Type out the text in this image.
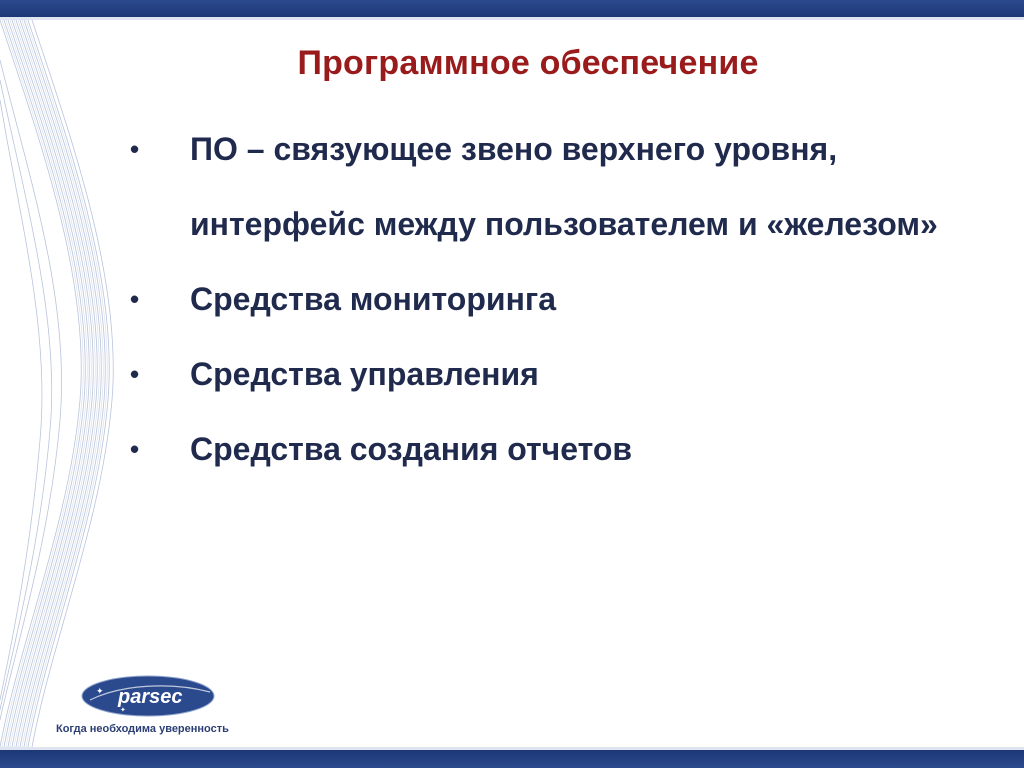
Программное обеспечение
• ПО – связующее звено верхнего уровня, интерфейс между пользователем и «железом»
• Средства мониторинга
• Средства управления
• Средства создания отчетов
parsec
✦
✦
Когда необходима уверенность
